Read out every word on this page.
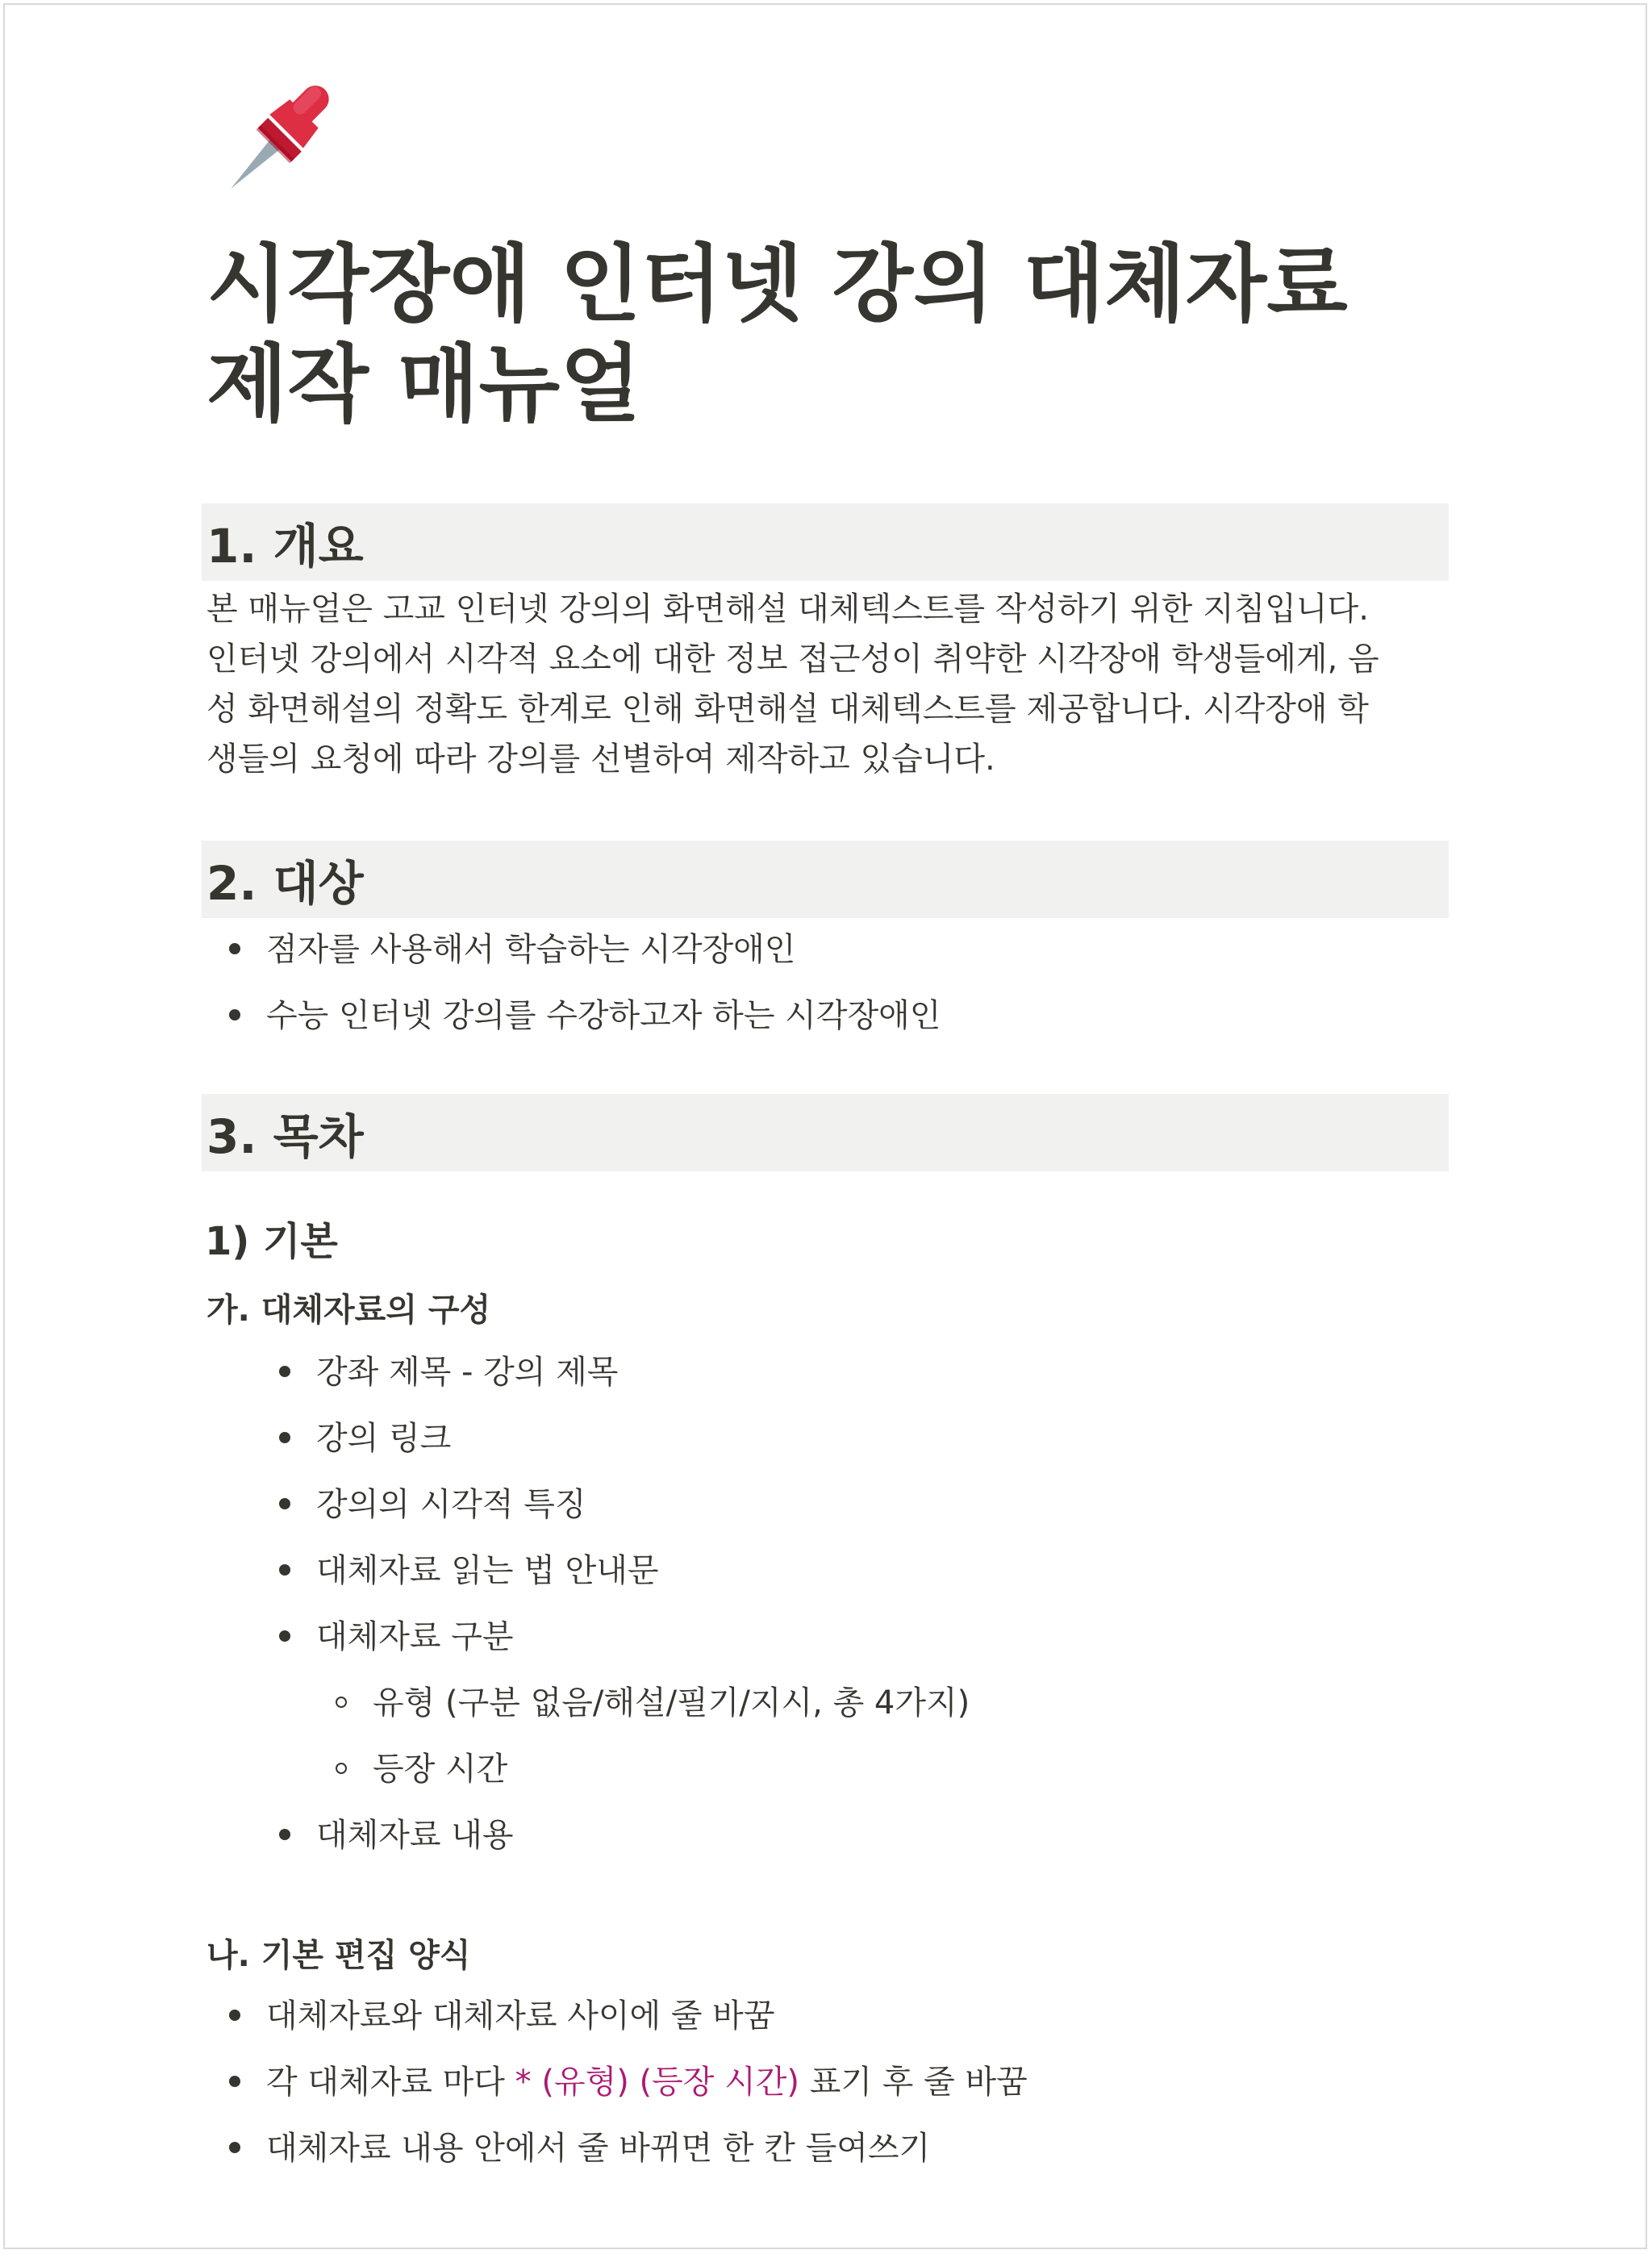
시각장애 인터넷 강의 대체자료
제작 매뉴얼
1. 개요

본 매뉴얼은 고교 인터넷 강의의 화면해설 대체텍스트를 작성하기 위한 지침입니다.
인터넷 강의에서 시각적 요소에 대한 정보 접근성이 취약한 시각장애 학생들에게, 음
성 화면해설의 정확도 한계로 인해 화면해설 대체텍스트를 제공합니다. 시각장애 학
생들의 요청에 따라 강의를 선별하여 제작하고 있습니다.

2. 대상
점자를 사용해서 학습하는 시각장애인
수능 인터넷 강의를 수강하고자 하는 시각장애인
3. 목차
1) 기본
가. 대체자료의 구성
강좌 제목 - 강의 제목
강의 링크
강의의 시각적 특징
대체자료 읽는 법 안내문
대체자료 구분
유형 (구분 없음/해설/필기/지시, 총 4가지)
등장 시간
대체자료 내용
나. 기본 편집 양식
대체자료와 대체자료 사이에 줄 바꿈
각 대체자료 마다 * (유형) (등장 시간) 표기 후 줄 바꿈
대체자료 내용 안에서 줄 바뀌면 한 칸 들여쓰기
